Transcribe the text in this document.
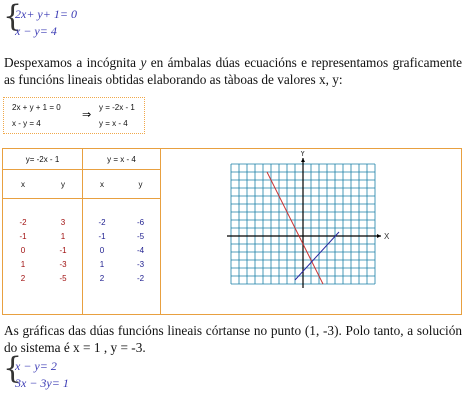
{
2x+ y+ 1= 0
x − y= 4
Despexamos a incógnita y en ámbalas dúas ecuacións e representamos graficamente as funcións lineais obtidas elaborando as tàboas de valores x, y:
2x + y + 1 = 0
x - y = 4
⇒
y = -2x - 1
y = x - 4
y= -2x - 1	y = x - 4
x	y	x	y
-2	3	-2	-6
-1	1	-1	-5
0	-1	0	-4
1	-3	1	-3
2	-5	2	-2
Y
X
As gráficas das dúas funcións lineais córtanse no punto (1, -3). Polo tanto, a solución do sistema é x = 1 , y = -3.
{
x − y= 2
3x − 3y= 1
